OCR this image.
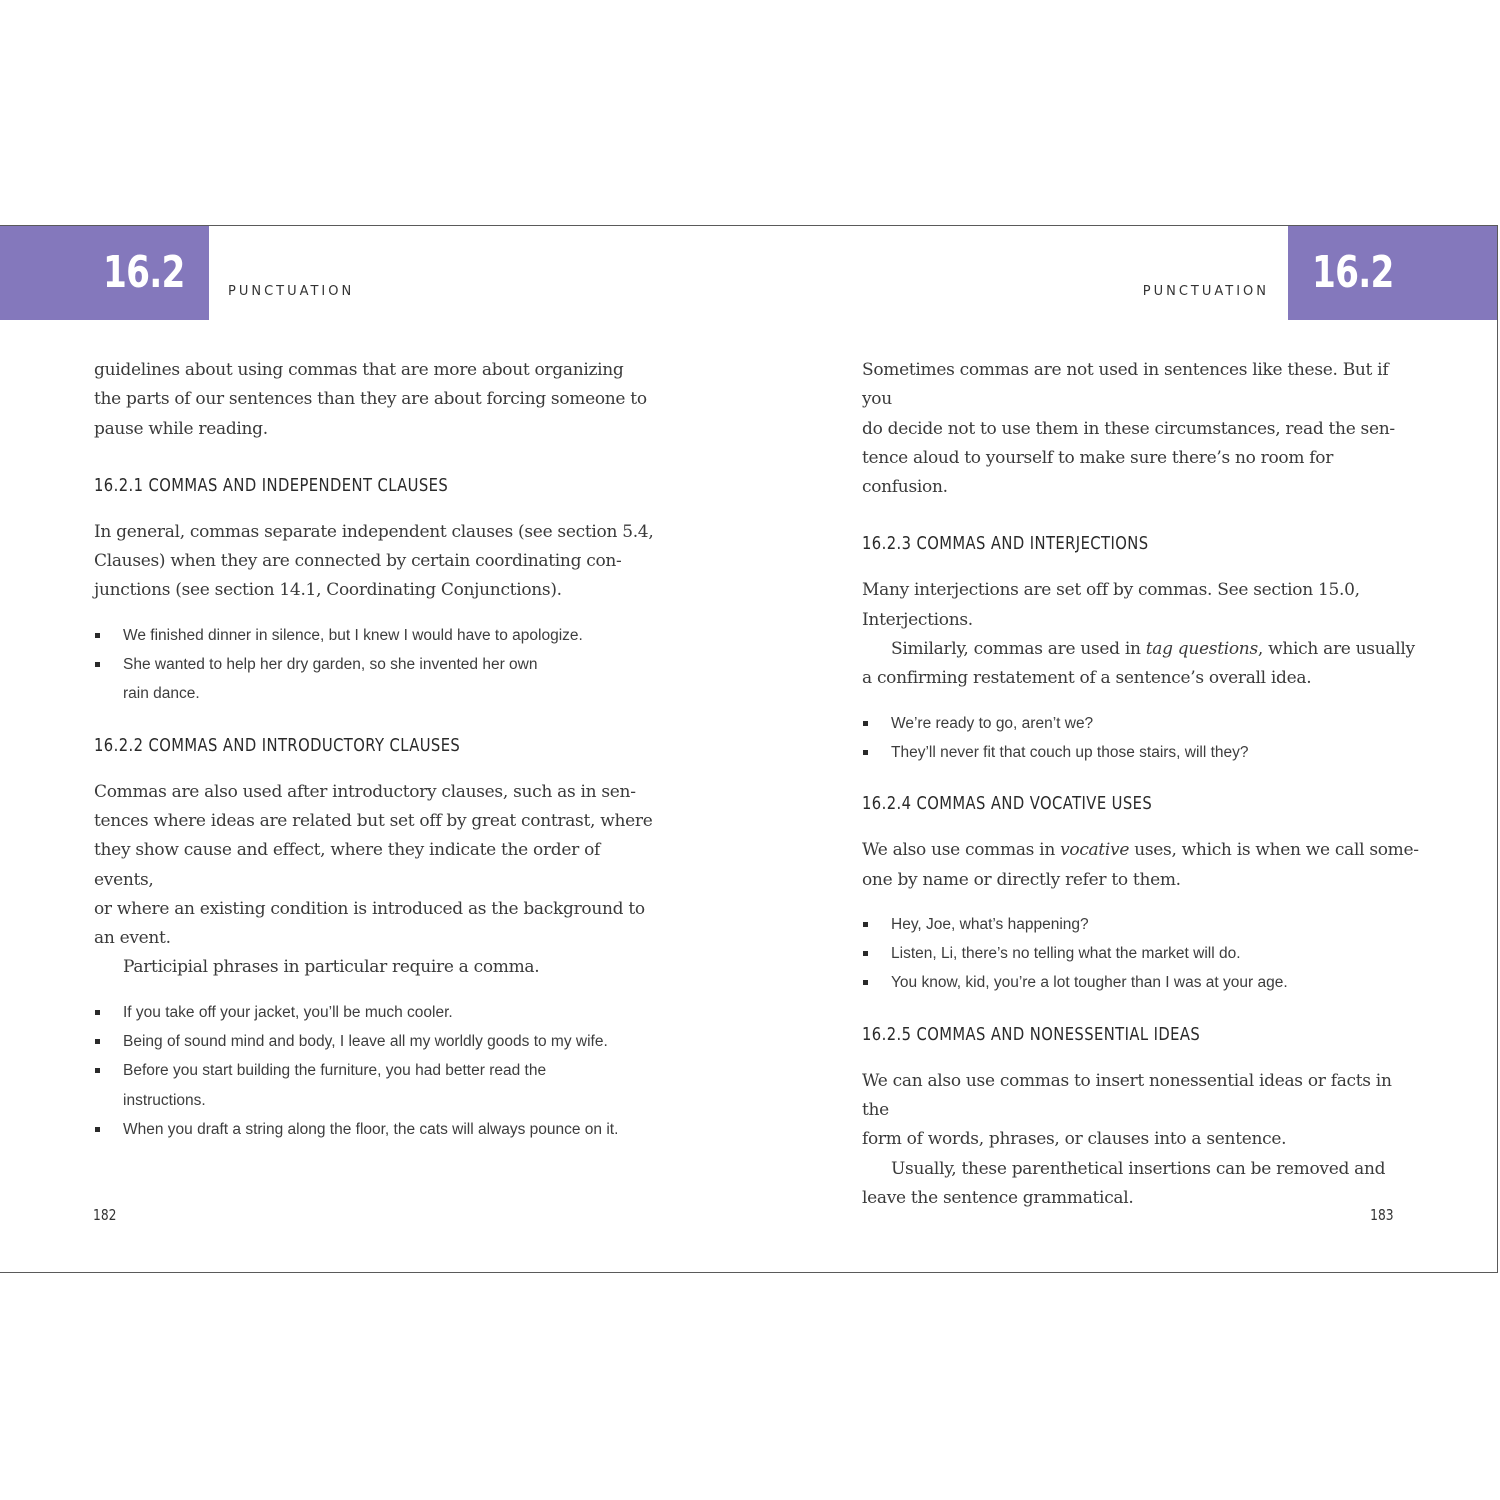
16.2	PUNCTUATION	PUNCTUATION 16.2

guidelines about using commas that are more about organizing
the parts of our sentences than they are about forcing someone to
pause while reading.

16.2.1 COMMAS AND INDEPENDENT CLAUSES

In general, commas separate independent clauses (see section 5.4,
Clauses) when they are connected by certain coordinating con-
junctions (see section 14.1, Coordinating Conjunctions).

We finished dinner in silence, but I knew I would have to apologize.
She wanted to help her dry garden, so she invented her own
rain dance.
16.2.2 COMMAS AND INTRODUCTORY CLAUSES

Commas are also used after introductory clauses, such as in sen-
tences where ideas are related but set off by great contrast, where
they show cause and effect, where they indicate the order of events,
or where an existing condition is introduced as the background to
an event.

Participial phrases in particular require a comma.

If you take off your jacket, you’ll be much cooler.
Being of sound mind and body, I leave all my worldly goods to my wife.
Before you start building the furniture, you had better read the
instructions.
When you draft a string along the floor, the cats will always pounce on it.

Sometimes commas are not used in sentences like these. But if you
do decide not to use them in these circumstances, read the sen-
tence aloud to yourself to make sure there’s no room for confusion.

16.2.3 COMMAS AND INTERJECTIONS

Many interjections are set off by commas. See section 15.0,
Interjections.

Similarly, commas are used in tag questions, which are usually
a confirming restatement of a sentence’s overall idea.

We’re ready to go, aren’t we?
They’ll never fit that couch up those stairs, will they?
16.2.4 COMMAS AND VOCATIVE USES

We also use commas in vocative uses, which is when we call some-
one by name or directly refer to them.

Hey, Joe, what’s happening?
Listen, Li, there’s no telling what the market will do.
You know, kid, you’re a lot tougher than I was at your age.
16.2.5 COMMAS AND NONESSENTIAL IDEAS

We can also use commas to insert nonessential ideas or facts in the
form of words, phrases, or clauses into a sentence.

Usually, these parenthetical insertions can be removed and
leave the sentence grammatical.

182	183
